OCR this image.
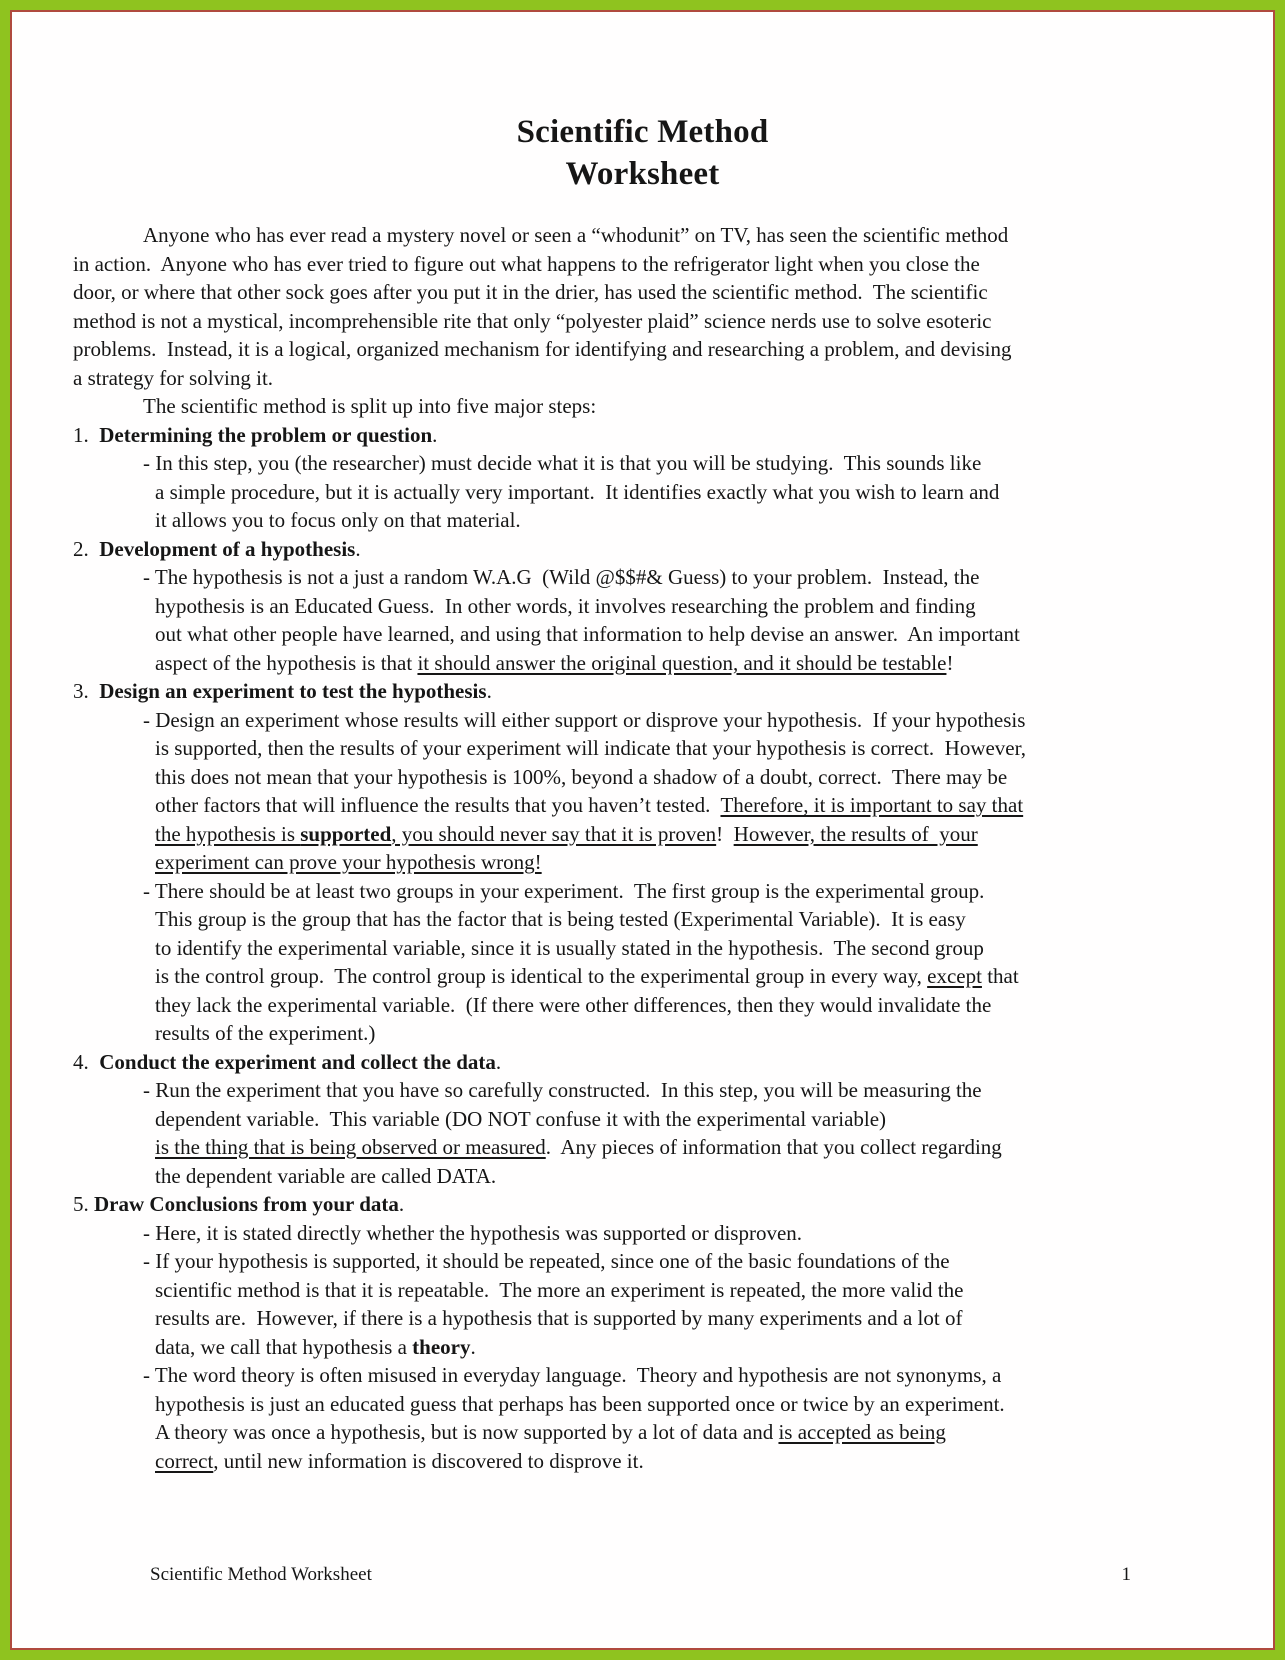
Scientific Method
Worksheet
Anyone who has ever read a mystery novel or seen a “whodunit” on TV, has seen the scientific method
in action.  Anyone who has ever tried to figure out what happens to the refrigerator light when you close the
door, or where that other sock goes after you put it in the drier, has used the scientific method.  The scientific
method is not a mystical, incomprehensible rite that only “polyester plaid” science nerds use to solve esoteric
problems.  Instead, it is a logical, organized mechanism for identifying and researching a problem, and devising
a strategy for solving it.
The scientific method is split up into five major steps:
1.  Determining the problem or question.
- In this step, you (the researcher) must decide what it is that you will be studying.  This sounds like
a simple procedure, but it is actually very important.  It identifies exactly what you wish to learn and
it allows you to focus only on that material.
2.  Development of a hypothesis.
- The hypothesis is not a just a random W.A.G  (Wild @$$#& Guess) to your problem.  Instead, the
hypothesis is an Educated Guess.  In other words, it involves researching the problem and finding
out what other people have learned, and using that information to help devise an answer.  An important
aspect of the hypothesis is that it should answer the original question, and it should be testable!
3.  Design an experiment to test the hypothesis.
- Design an experiment whose results will either support or disprove your hypothesis.  If your hypothesis
is supported, then the results of your experiment will indicate that your hypothesis is correct.  However,
this does not mean that your hypothesis is 100%, beyond a shadow of a doubt, correct.  There may be
other factors that will influence the results that you haven’t tested.  Therefore, it is important to say that
the hypothesis is supported, you should never say that it is proven!  However, the results of  your
experiment can prove your hypothesis wrong!
- There should be at least two groups in your experiment.  The first group is the experimental group.
This group is the group that has the factor that is being tested (Experimental Variable).  It is easy
to identify the experimental variable, since it is usually stated in the hypothesis.  The second group
is the control group.  The control group is identical to the experimental group in every way, except that
they lack the experimental variable.  (If there were other differences, then they would invalidate the
results of the experiment.)
4.  Conduct the experiment and collect the data.
- Run the experiment that you have so carefully constructed.  In this step, you will be measuring the
dependent variable.  This variable (DO NOT confuse it with the experimental variable)
is the thing that is being observed or measured.  Any pieces of information that you collect regarding
the dependent variable are called DATA.
5. Draw Conclusions from your data.
- Here, it is stated directly whether the hypothesis was supported or disproven.
- If your hypothesis is supported, it should be repeated, since one of the basic foundations of the
scientific method is that it is repeatable.  The more an experiment is repeated, the more valid the
results are.  However, if there is a hypothesis that is supported by many experiments and a lot of
data, we call that hypothesis a theory.
- The word theory is often misused in everyday language.  Theory and hypothesis are not synonyms, a
hypothesis is just an educated guess that perhaps has been supported once or twice by an experiment.
A theory was once a hypothesis, but is now supported by a lot of data and is accepted as being
correct, until new information is discovered to disprove it.
Scientific Method Worksheet	1
